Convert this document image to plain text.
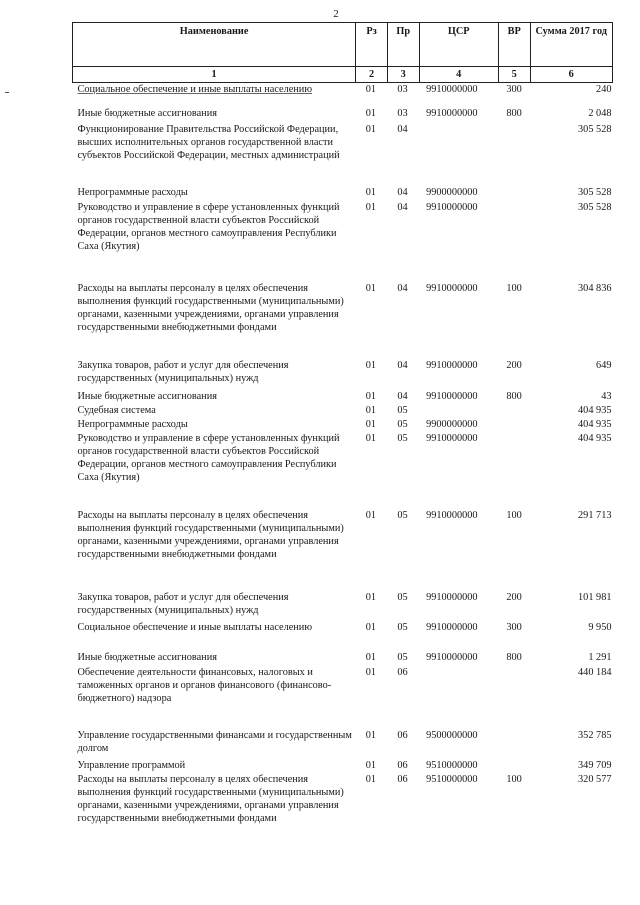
2
Наименование	Рз	Пр	ЦСР	ВР	Сумма 2017 год
1	2	3	4	5	6
Социальное обеспечение и иные выплаты населению	01	03	9910000000	300	240
Иные бюджетные ассигнования	01	03	9910000000	800	2 048
Функционирование Правительства Российской Федерации, высших исполнительных органов государственной власти субъектов Российской Федерации, местных администраций	01	04			305 528
Непрограммные расходы	01	04	9900000000		305 528
Руководство и управление в сфере установленных функций органов государственной власти субъектов Российской Федерации, органов местного самоуправления Республики Саха (Якутия)	01	04	9910000000		305 528
Расходы на выплаты персоналу в целях обеспечения выполнения функций государственными (муниципальными) органами, казенными учреждениями, органами управления государственными внебюджетными фондами	01	04	9910000000	100	304 836
Закупка товаров, работ и услуг для обеспечения государственных (муниципальных) нужд	01	04	9910000000	200	649
Иные бюджетные ассигнования	01	04	9910000000	800	43
Судебная система	01	05			404 935
Непрограммные расходы	01	05	9900000000		404 935
Руководство и управление в сфере установленных функций органов государственной власти субъектов Российской Федерации, органов местного самоуправления Республики Саха (Якутия)	01	05	9910000000		404 935
Расходы на выплаты персоналу в целях обеспечения выполнения функций государственными (муниципальными) органами, казенными учреждениями, органами управления государственными внебюджетными фондами	01	05	9910000000	100	291 713
Закупка товаров, работ и услуг для обеспечения государственных (муниципальных) нужд	01	05	9910000000	200	101 981
Социальное обеспечение и иные выплаты населению	01	05	9910000000	300	9 950
Иные бюджетные ассигнования	01	05	9910000000	800	1 291
Обеспечение деятельности финансовых, налоговых и таможенных органов и органов финансового (финансово-бюджетного) надзора	01	06			440 184
Управление государственными финансами и государственным долгом	01	06	9500000000		352 785
Управление программой	01	06	9510000000		349 709
Расходы на выплаты персоналу в целях обеспечения выполнения функций государственными (муниципальными) органами, казенными учреждениями, органами управления государственными внебюджетными фондами	01	06	9510000000	100	320 577
